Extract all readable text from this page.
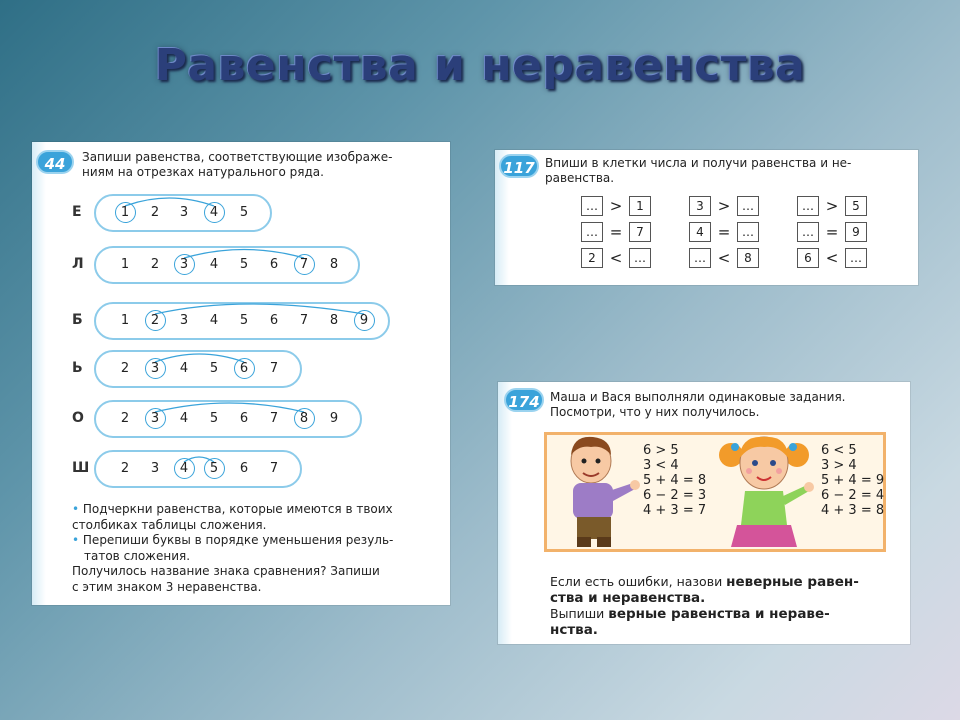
Равенства и неравенства
44	Запиши равенства, соответствующие изображе-
ниям на отрезках натурального ряда.
Е	1	2	3	4	5
Л	1	2	3	4	5	6	7	8
Б	1	2	3	4	5	6	7	8	9
Ь	2	3	4	5	6	7
О	2	3	4	5	6	7	8	9
Ш	2	3	4	5	6	7
• Подчеркни равенства, которые имеются в твоих
столбиках таблицы сложения.
• Перепиши буквы в порядке уменьшения резуль-
татов сложения.
Получилось название знака сравнения? Запиши
с этим знаком 3 неравенства.
117 Впиши в клетки числа и получи равенства и не-
равенства.
… >	1	3 > …	… >	5
… =	7	4 = …	… =	9
2 < …	… <	8	6 < …
174 Маша и Вася выполняли одинаковые задания.
Посмотри, что у них получилось.
6 > 5
3 < 4
5 + 4 = 8
6 − 2 = 3
4 + 3 = 7
6 < 5
3 > 4
5 + 4 = 9
6 − 2 = 4
4 + 3 = 8
Если есть ошибки, назови неверные равен-
ства и неравенства.
Выпиши верные равенства и нераве-
нства.
